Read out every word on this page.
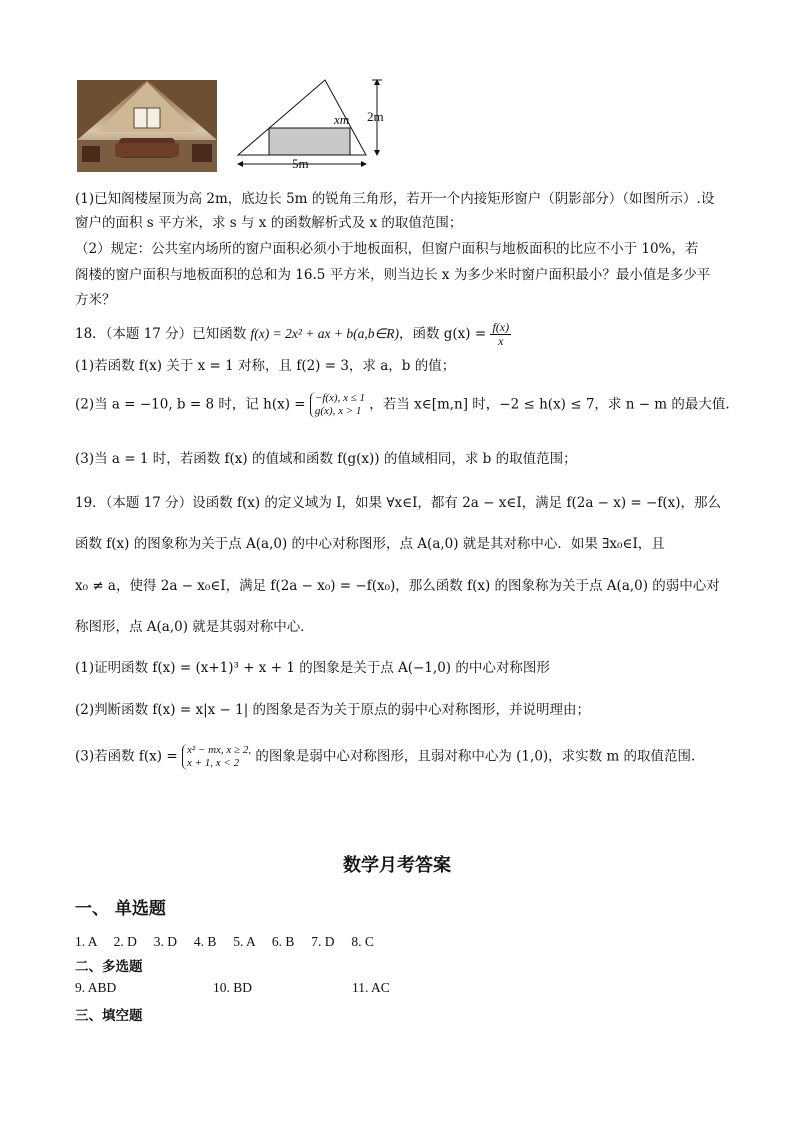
xm 2m
5m
(1)已知阁楼屋顶为高 2m，底边长 5m 的锐角三角形，若开一个内接矩形窗户（阴影部分）（如图所示）.设
窗户的面积 s 平方米，求 s 与 x 的函数解析式及 x 的取值范围；
（2）规定：公共室内场所的窗户面积必须小于地板面积，但窗户面积与地板面积的比应不小于 10%，若
阁楼的窗户面积与地板面积的总和为 16.5 平方米，则当边长 x 为多少米时窗户面积最小？最小值是多少平
方米？
18．（本题 17 分）已知函数 f(x) = 2x² + ax + b(a,b∈R)，函数 $g(x) = \frac{f(x)}{x}$
(1)若函数 f(x) 关于 x = 1 对称，且 f(2) = 3，求 a，b 的值；
(2)当 a = −10, b = 8 时，记 h(x) = −f(x), x ≤ 1
g(x), x > 1 ，若当 x∈[m,n] 时，−2 ≤ h(x) ≤ 7，求 n − m 的最大值.
(3)当 a = 1 时，若函数 f(x) 的值域和函数 f(g(x)) 的值域相同，求 b 的取值范围；
19．（本题 17 分）设函数 f(x) 的定义域为 I，如果 ∀x∈I，都有 2a − x∈I，满足 f(2a − x) = −f(x)，那么
函数 f(x) 的图象称为关于点 A(a,0) 的中心对称图形，点 A(a,0) 就是其对称中心．如果 ∃x₀∈I，且
x₀ ≠ a，使得 2a − x₀∈I，满足 f(2a − x₀) = −f(x₀)，那么函数 f(x) 的图象称为关于点 A(a,0) 的弱中心对
称图形，点 A(a,0) 就是其弱对称中心．
(1)证明函数 f(x) = (x+1)³ + x + 1 的图象是关于点 A(−1,0) 的中心对称图形
(2)判断函数 f(x) = x|x − 1| 的图象是否为关于原点的弱中心对称图形，并说明理由；
(3)若函数 f(x) = x² − mx, x ≥ 2,
x + 1, x < 2	的图象是弱中心对称图形，且弱对称中心为 (1,0)，求实数 m 的取值范围.
数学月考答案
一、 单选题
1. A　 2. D　 3. D　 4. B　 5. A　 6. B　 7. D　 8. C
二、多选题
9. ABD	10. BD	11. AC
三、填空题
